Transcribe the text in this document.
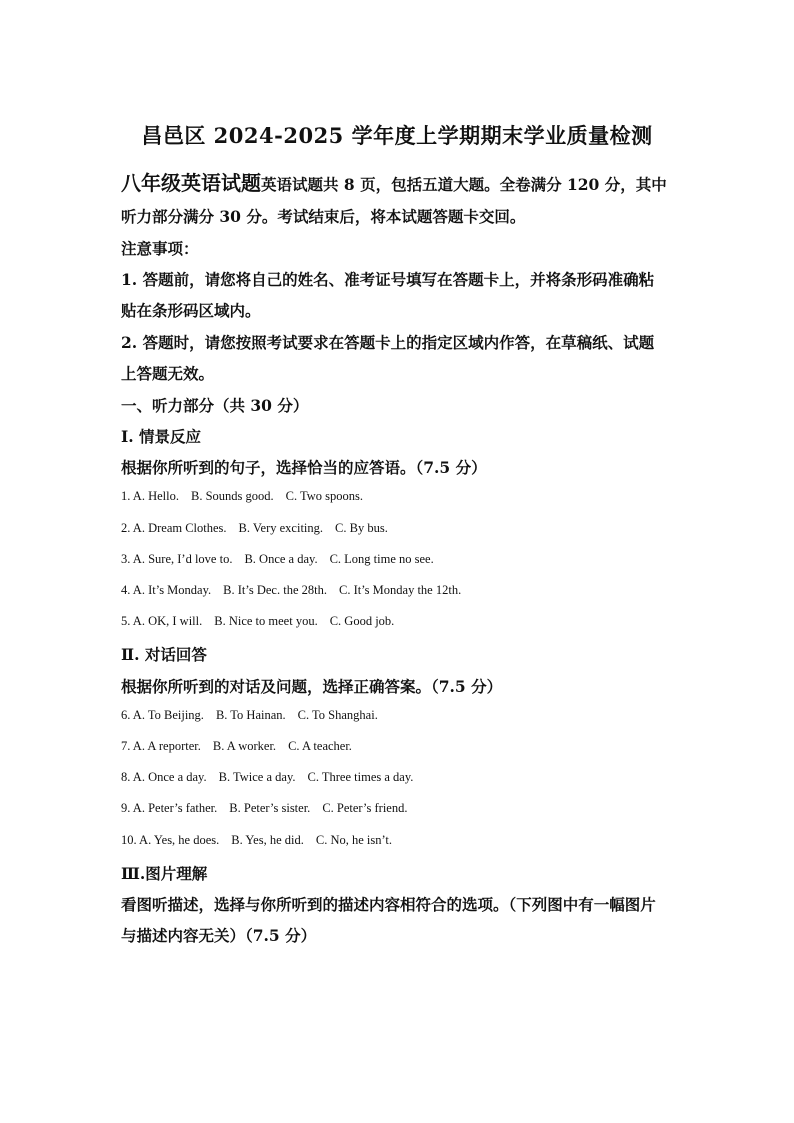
昌邑区 2024-2025 学年度上学期期末学业质量检测
八年级英语试题英语试题共 8 页，包括五道大题。全卷满分 120 分，其中
听力部分满分 30 分。考试结束后，将本试题答题卡交回。
注意事项：
1. 答题前，请您将自己的姓名、准考证号填写在答题卡上，并将条形码准确粘
贴在条形码区域内。
2. 答题时，请您按照考试要求在答题卡上的指定区域内作答，在草稿纸、试题
上答题无效。
一、听力部分（共 30 分）
Ⅰ. 情景反应
根据你所听到的句子，选择恰当的应答语。（7.5 分）
1. A. Hello. B. Sounds good. C. Two spoons.
2. A. Dream Clothes. B. Very exciting. C. By bus.
3. A. Sure, I’d love to. B. Once a day. C. Long time no see.
4. A. It’s Monday. B. It’s Dec. the 28th. C. It’s Monday the 12th.
5. A. OK, I will. B. Nice to meet you. C. Good job.
Ⅱ. 对话回答
根据你所听到的对话及问题，选择正确答案。（7.5 分）
6. A. To Beijing. B. To Hainan. C. To Shanghai.
7. A. A reporter. B. A worker. C. A teacher.
8. A. Once a day. B. Twice a day. C. Three times a day.
9. A. Peter’s father. B. Peter’s sister. C. Peter’s friend.
10. A. Yes, he does. B. Yes, he did. C. No, he isn’t.
Ⅲ.图片理解
看图听描述，选择与你所听到的描述内容相符合的选项。（下列图中有一幅图片
与描述内容无关）（7.5 分）
